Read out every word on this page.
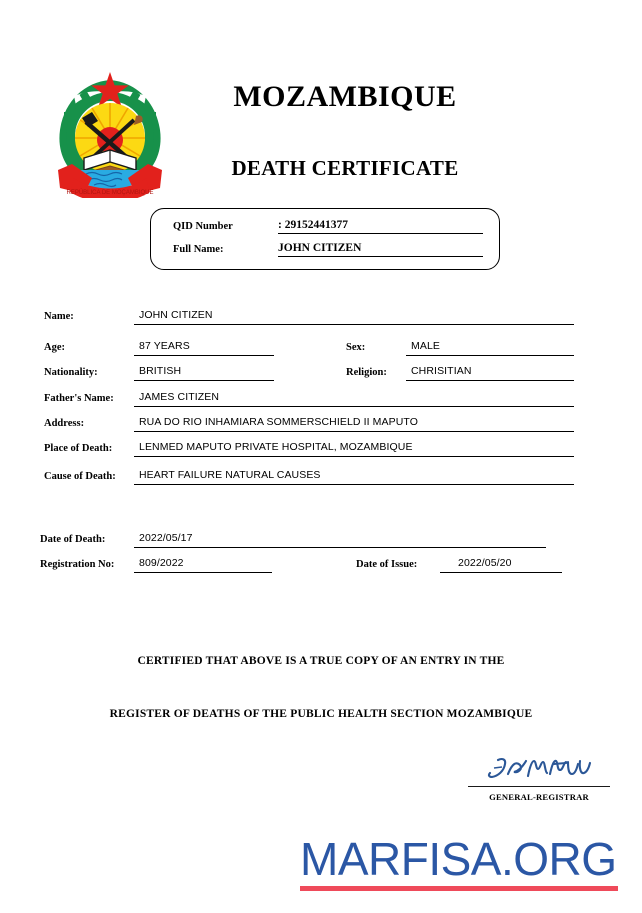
REPÚBLICA DE MOÇAMBIQUE
MOZAMBIQUE
DEATH CERTIFICATE
QID Number	: 29152441377
Full Name:	JOHN CITIZEN
Name:	JOHN CITIZEN
Age:	87 YEARS	Sex:	MALE
Nationality:	BRITISH	Religion: CHRISITIAN
Father's Name: JAMES CITIZEN
Address:	RUA DO RIO INHAMIARA SOMMERSCHIELD II MAPUTO
Place of Death:	LENMED MAPUTO PRIVATE HOSPITAL, MOZAMBIQUE
Cause of Death: HEART FAILURE NATURAL CAUSES
Date of Death:	2022/05/17
Registration No: 809/2022	Date of Issue:	2022/05/20
CERTIFIED THAT ABOVE IS A TRUE COPY OF AN ENTRY IN THE
REGISTER OF DEATHS OF THE PUBLIC HEALTH SECTION MOZAMBIQUE
GENERAL-REGISTRAR
MARFISA.ORG
